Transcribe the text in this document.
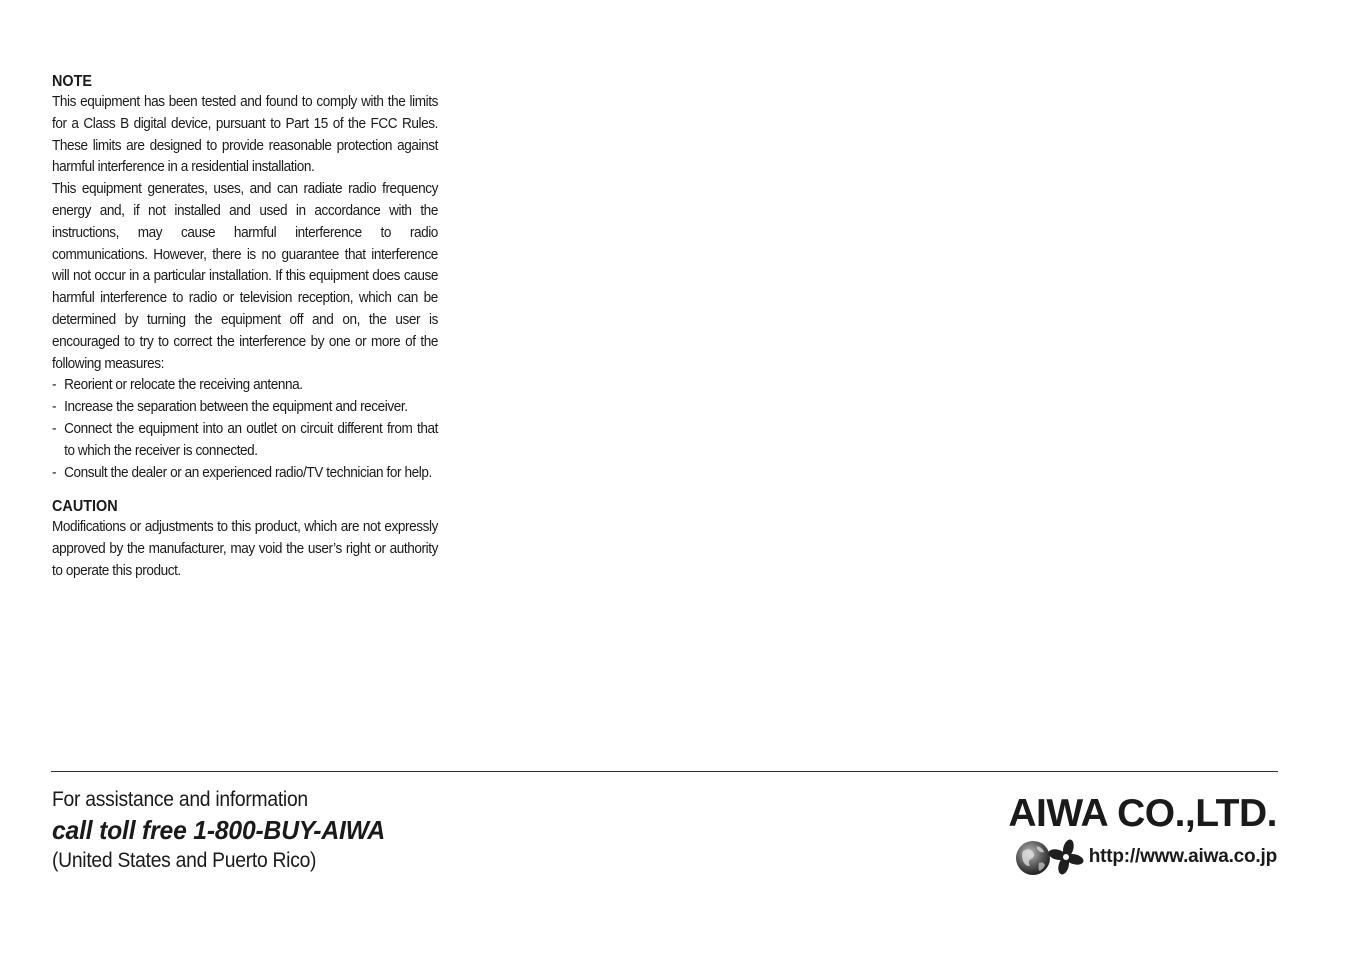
NOTE

This equipment has been tested and found to comply with the limits for a Class B digital device, pursuant to Part 15 of the FCC Rules. These limits are designed to provide reasonable protection against harmful interference in a residential installation.

This equipment generates, uses, and can radiate radio frequency energy and, if not installed and used in accordance with the instructions, may cause harmful interference to radio communications. However, there is no guarantee that interference will not occur in a particular installation. If this equipment does cause harmful interference to radio or television reception, which can be determined by turning the equipment off and on, the user is encouraged to try to correct the interference by one or more of the following measures:

- Reorient or relocate the receiving antenna.
- Increase the separation between the equipment and receiver.
- Connect the equipment into an outlet on circuit different from that to which the receiver is connected.
- Consult the dealer or an experienced radio/TV technician for help.
CAUTION

Modifications or adjustments to this product, which are not expressly approved by the manufacturer, may void the user’s right or authority to operate this product.

For assistance and information
call toll free 1-800-BUY-AIWA
(United States and Puerto Rico)
AIWA CO.,LTD.
http://www.aiwa.co.jp
